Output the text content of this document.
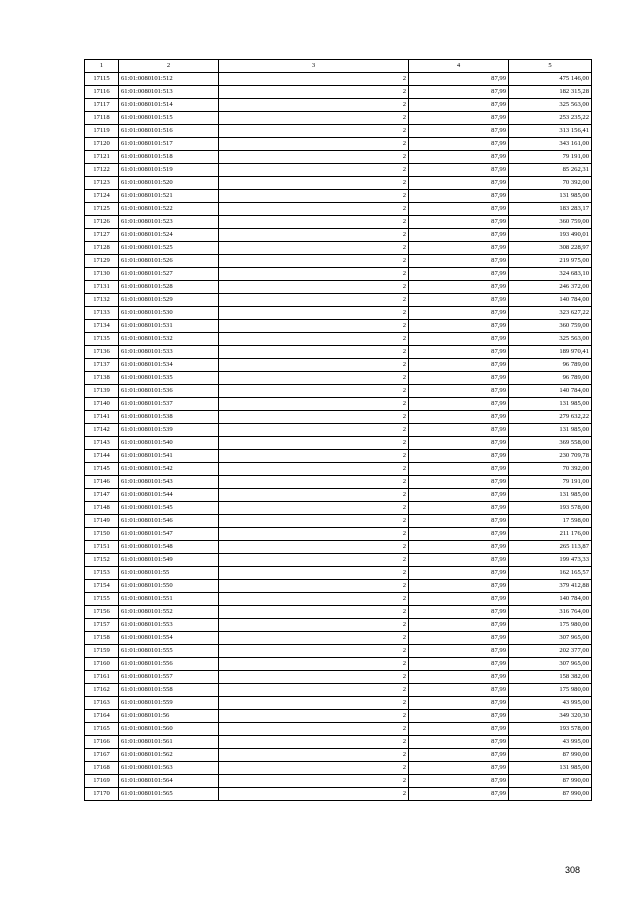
1	2	3	4	5
17115	61:01:0080101:512	2	87,99	475 146,00
17116	61:01:0080101:513	2	87,99	182 315,28
17117	61:01:0080101:514	2	87,99	325 563,00
17118	61:01:0080101:515	2	87,99	253 235,22
17119	61:01:0080101:516	2	87,99	313 156,41
17120	61:01:0080101:517	2	87,99	343 161,00
17121	61:01:0080101:518	2	87,99	79 191,00
17122	61:01:0080101:519	2	87,99	85 262,31
17123	61:01:0080101:520	2	87,99	70 392,00
17124	61:01:0080101:521	2	87,99	131 985,00
17125	61:01:0080101:522	2	87,99	183 283,17
17126	61:01:0080101:523	2	87,99	360 759,00
17127	61:01:0080101:524	2	87,99	193 490,01
17128	61:01:0080101:525	2	87,99	308 228,97
17129	61:01:0080101:526	2	87,99	219 975,00
17130	61:01:0080101:527	2	87,99	324 683,10
17131	61:01:0080101:528	2	87,99	246 372,00
17132	61:01:0080101:529	2	87,99	140 784,00
17133	61:01:0080101:530	2	87,99	323 627,22
17134	61:01:0080101:531	2	87,99	360 759,00
17135	61:01:0080101:532	2	87,99	325 563,00
17136	61:01:0080101:533	2	87,99	189 970,41
17137	61:01:0080101:534	2	87,99	96 789,00
17138	61:01:0080101:535	2	87,99	96 789,00
17139	61:01:0080101:536	2	87,99	140 784,00
17140	61:01:0080101:537	2	87,99	131 985,00
17141	61:01:0080101:538	2	87,99	279 632,22
17142	61:01:0080101:539	2	87,99	131 985,00
17143	61:01:0080101:540	2	87,99	369 558,00
17144	61:01:0080101:541	2	87,99	230 709,78
17145	61:01:0080101:542	2	87,99	70 392,00
17146	61:01:0080101:543	2	87,99	79 191,00
17147	61:01:0080101:544	2	87,99	131 985,00
17148	61:01:0080101:545	2	87,99	193 578,00
17149	61:01:0080101:546	2	87,99	17 598,00
17150	61:01:0080101:547	2	87,99	211 176,00
17151	61:01:0080101:548	2	87,99	265 113,87
17152	61:01:0080101:549	2	87,99	199 473,33
17153	61:01:0080101:55	2	87,99	162 165,57
17154	61:01:0080101:550	2	87,99	379 412,88
17155	61:01:0080101:551	2	87,99	140 784,00
17156	61:01:0080101:552	2	87,99	316 764,00
17157	61:01:0080101:553	2	87,99	175 980,00
17158	61:01:0080101:554	2	87,99	307 965,00
17159	61:01:0080101:555	2	87,99	202 377,00
17160	61:01:0080101:556	2	87,99	307 965,00
17161	61:01:0080101:557	2	87,99	158 382,00
17162	61:01:0080101:558	2	87,99	175 980,00
17163	61:01:0080101:559	2	87,99	43 995,00
17164	61:01:0080101:56	2	87,99	349 320,30
17165	61:01:0080101:560	2	87,99	193 578,00
17166	61:01:0080101:561	2	87,99	43 995,00
17167	61:01:0080101:562	2	87,99	87 990,00
17168	61:01:0080101:563	2	87,99	131 985,00
17169	61:01:0080101:564	2	87,99	87 990,00
17170	61:01:0080101:565	2	87,99	87 990,00
308
